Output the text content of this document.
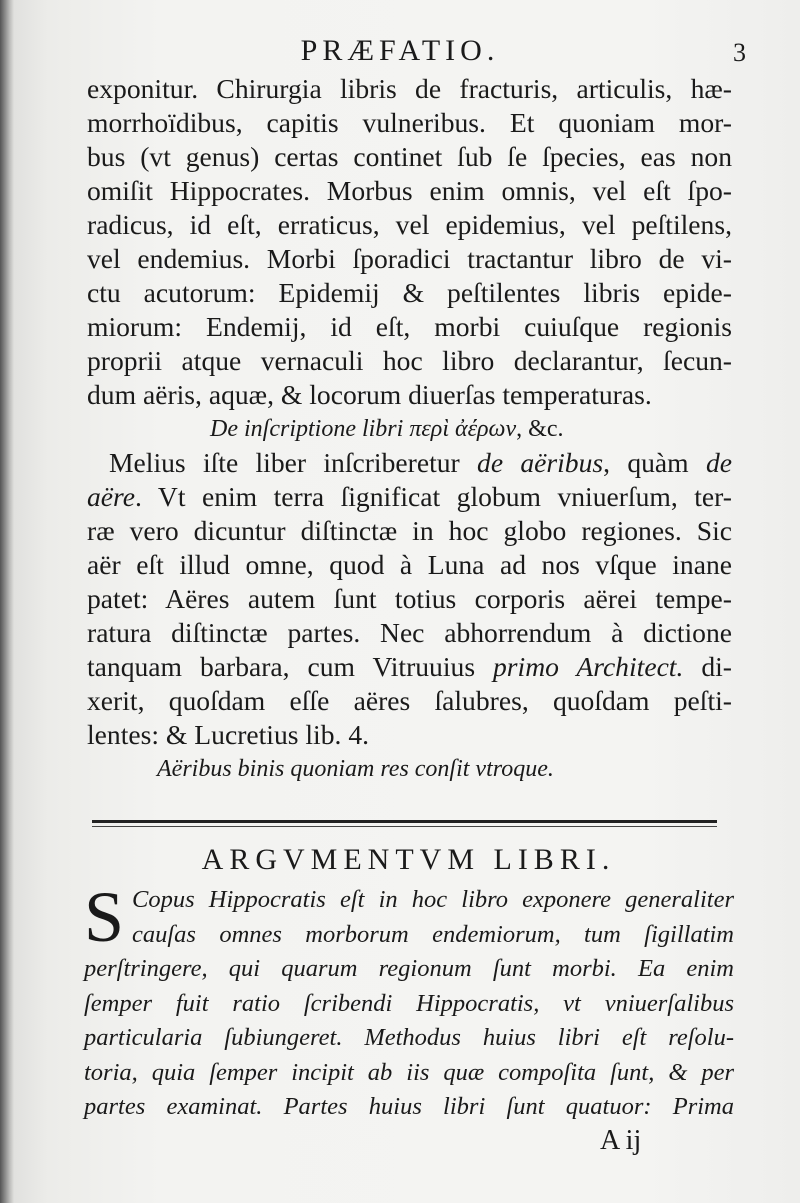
PRÆFATIO.	3
exponitur. Chirurgia libris de fracturis, articulis, hæ-
morrhoïdibus, capitis vulneribus. Et quoniam mor-
bus (vt genus) certas continet ſub ſe ſpecies, eas non
omiſit Hippocrates. Morbus enim omnis, vel eſt ſpo-
radicus, id eſt, erraticus, vel epidemius, vel peſtilens,
vel endemius. Morbi ſporadici tractantur libro de vi-
ctu acutorum: Epidemij & peſtilentes libris epide-
miorum: Endemij, id eſt, morbi cuiuſque regionis
proprii atque vernaculi hoc libro declarantur, ſecun-
dum aëris, aquæ, & locorum diuerſas temperaturas.
De inſcriptione libri περὶ ἀέρων, &c.
Melius iſte liber inſcriberetur de aëribus, quàm de
aëre. Vt enim terra ſignificat globum vniuerſum, ter-
ræ vero dicuntur diſtinctæ in hoc globo regiones. Sic
aër eſt illud omne, quod à Luna ad nos vſque inane
patet: Aëres autem ſunt totius corporis aërei tempe-
ratura diſtinctæ partes. Nec abhorrendum à dictione
tanquam barbara, cum Vitruuius primo Architect. di-
xerit, quoſdam eſſe aëres ſalubres, quoſdam peſti-
lentes: & Lucretius lib. 4.
Aëribus binis quoniam res conſit vtroque.
ARGVMENTVM LIBRI.
S Copus Hippocratis eſt in hoc libro exponere generaliter
cauſas omnes morborum endemiorum, tum ſigillatim
perſtringere, qui quarum regionum ſunt morbi. Ea enim
ſemper fuit ratio ſcribendi Hippocratis, vt vniuerſalibus
particularia ſubiungeret. Methodus huius libri eſt reſolu-
toria, quia ſemper incipit ab iis quæ compoſita ſunt, & per
partes examinat. Partes huius libri ſunt quatuor: Prima
A ij
